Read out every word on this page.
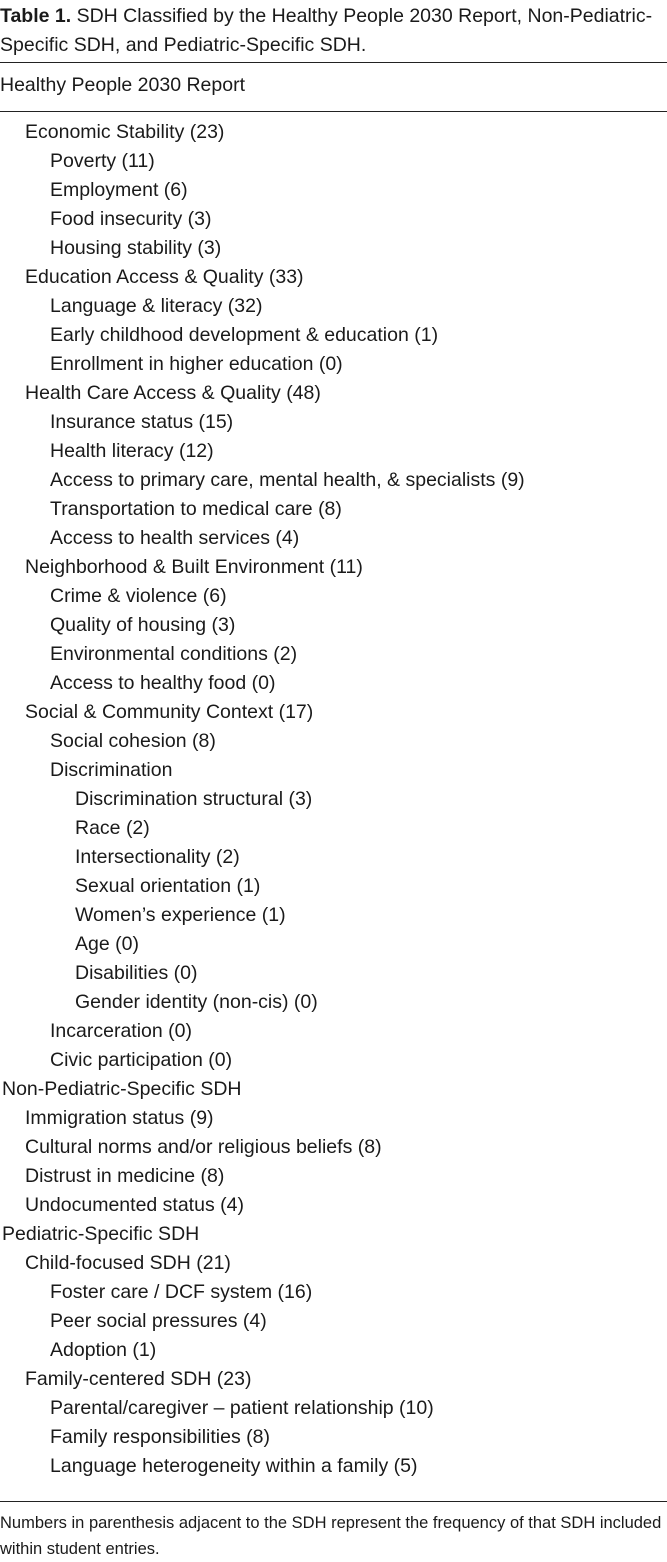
Table 1. SDH Classified by the Healthy People 2030 Report, Non-Pediatric-Specific SDH, and Pediatric-Specific SDH.

Healthy People 2030 Report

Economic Stability (23)
Poverty (11)
Employment (6)
Food insecurity (3)
Housing stability (3)
Education Access & Quality (33)
Language & literacy (32)
Early childhood development & education (1)
Enrollment in higher education (0)
Health Care Access & Quality (48)
Insurance status (15)
Health literacy (12)
Access to primary care, mental health, & specialists (9)
Transportation to medical care (8)
Access to health services (4)
Neighborhood & Built Environment (11)
Crime & violence (6)
Quality of housing (3)
Environmental conditions (2)
Access to healthy food (0)
Social & Community Context (17)
Social cohesion (8)
Discrimination
Discrimination structural (3)
Race (2)
Intersectionality (2)
Sexual orientation (1)
Women’s experience (1)
Age (0)
Disabilities (0)
Gender identity (non-cis) (0)
Incarceration (0)
Civic participation (0)
Non-Pediatric-Specific SDH
Immigration status (9)
Cultural norms and/or religious beliefs (8)
Distrust in medicine (8)
Undocumented status (4)
Pediatric-Specific SDH
Child-focused SDH (21)
Foster care / DCF system (16)
Peer social pressures (4)
Adoption (1)
Family-centered SDH (23)
Parental/caregiver – patient relationship (10)
Family responsibilities (8)
Language heterogeneity within a family (5)

Numbers in parenthesis adjacent to the SDH represent the frequency of that SDH included within student entries.
